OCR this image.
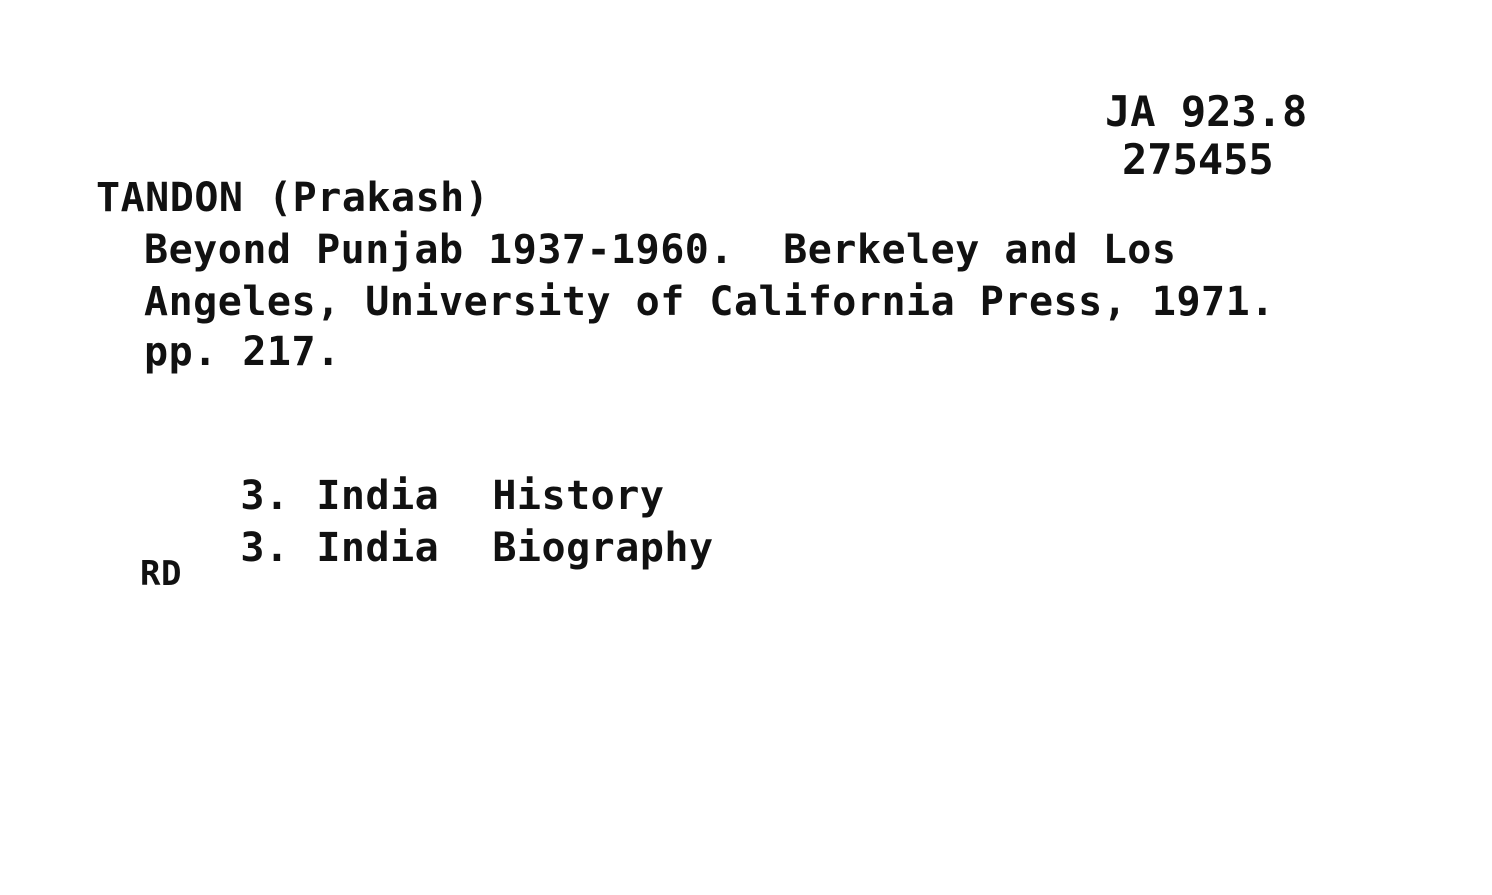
JA 923.8
275455
TANDON (Prakash)
Beyond Punjab 1937-1960.  Berkeley and Los
Angeles, University of California Press, 1971.
pp. 217.

3. India History

3. India Biography

RD
